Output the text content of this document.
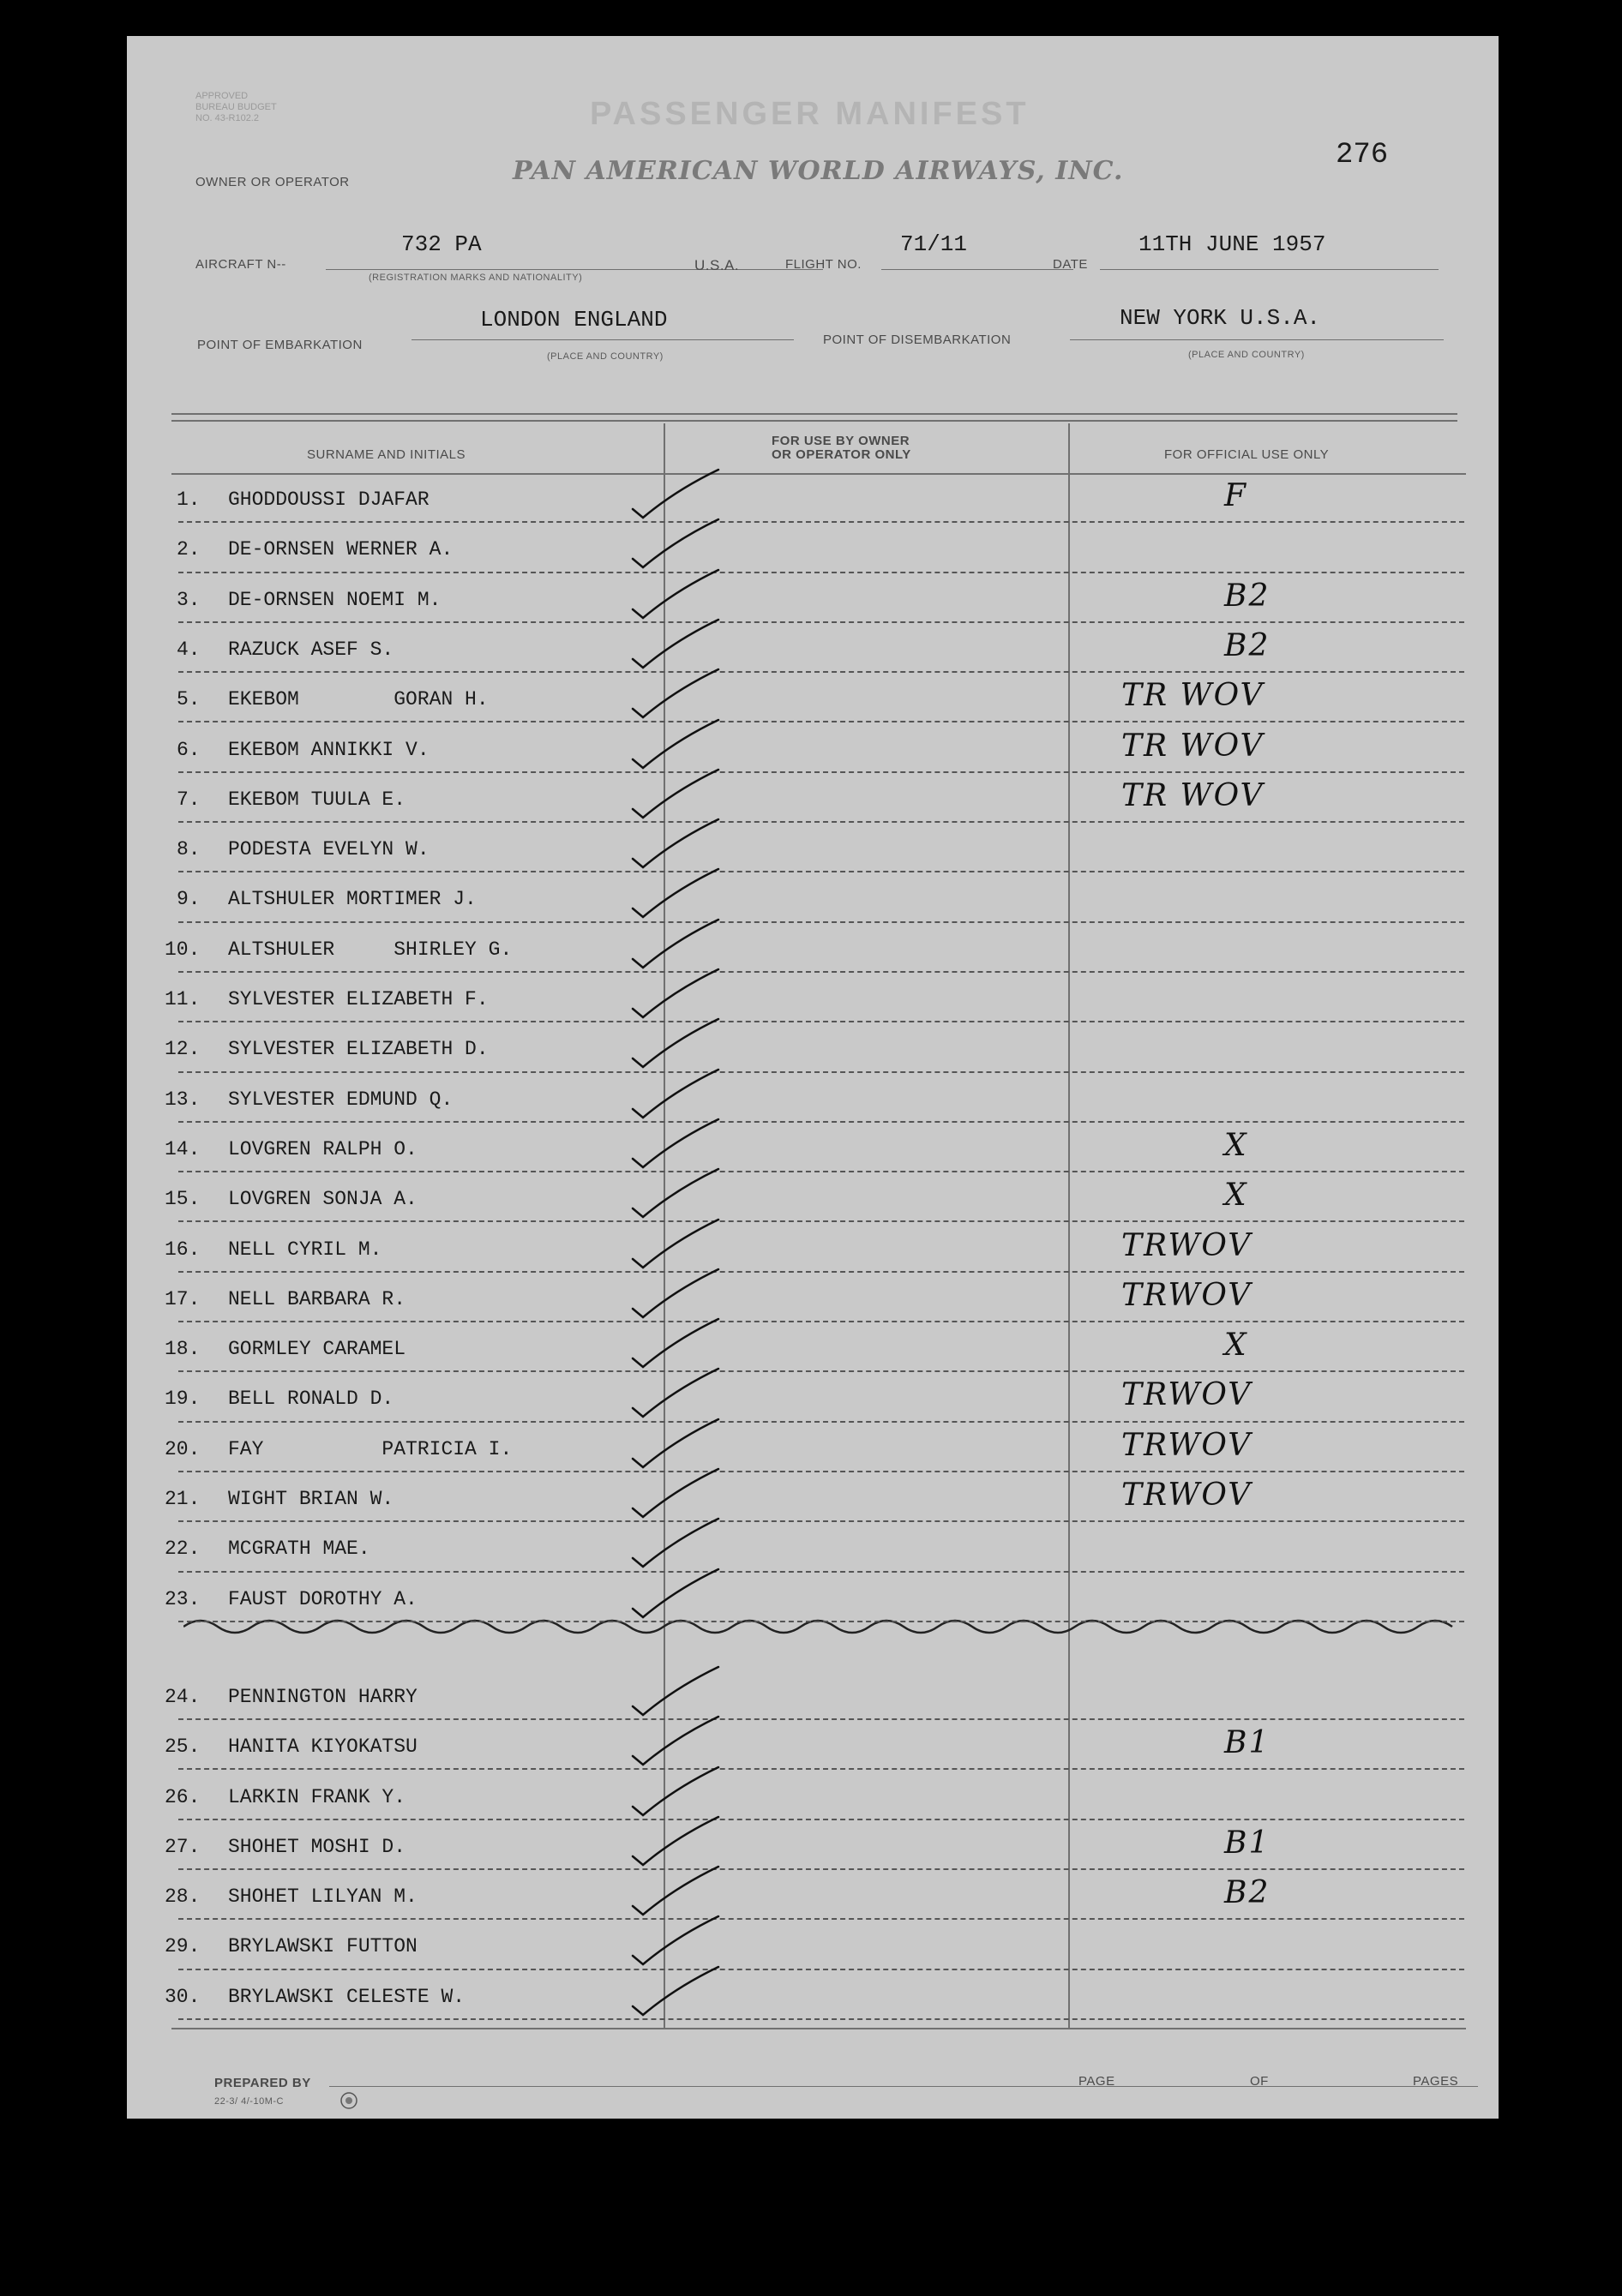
APPROVED
BUREAU BUDGET
NO. 43-R102.2	PASSENGER MANIFEST
276
OWNER OR OPERATOR	PAN AMERICAN WORLD AIRWAYS, INC.
AIRCRAFT N--
732 PA
(REGISTRATION MARKS AND NATIONALITY)
U.S.A.	FLIGHT NO.
71/11
DATE
11TH JUNE 1957
POINT OF EMBARKATION
LONDON ENGLAND
(PLACE AND COUNTRY)
POINT OF DISEMBARKATION
NEW YORK U.S.A.
(PLACE AND COUNTRY)
SURNAME AND INITIALS
FOR USE BY OWNER
OR OPERATOR ONLY	FOR OFFICIAL USE ONLY
1. GHODDOUSSI DJAFAR	F
2. DE-ORNSEN WERNER A.
3. DE-ORNSEN NOEMI M.	B2
4. RAZUCK ASEF S.	B2
5. EKEBOM        GORAN H.	TR WOV
6. EKEBOM ANNIKKI V.	TR WOV
7. EKEBOM TUULA E.	TR WOV
8. PODESTA EVELYN W.
9. ALTSHULER MORTIMER J.
10. ALTSHULER     SHIRLEY G.
11. SYLVESTER ELIZABETH F.
12. SYLVESTER ELIZABETH D.
13. SYLVESTER EDMUND Q.
14. LOVGREN RALPH O.	X
15. LOVGREN SONJA A.	X
16. NELL CYRIL M.	TRWOV
17. NELL BARBARA R.	TRWOV
18. GORMLEY CARAMEL	X
19. BELL RONALD D.	TRWOV
20. FAY          PATRICIA I.	TRWOV
21. WIGHT BRIAN W.	TRWOV
22. MCGRATH MAE.
23. FAUST DOROTHY A.
24. PENNINGTON HARRY
25. HANITA KIYOKATSU	B1
26. LARKIN FRANK Y.
27. SHOHET MOSHI D.	B1
28. SHOHET LILYAN M.	B2
29. BRYLAWSKI FUTTON
30. BRYLAWSKI CELESTE W.
PREPARED BY	PAGE	OF	PAGES
22-3/ 4/-10M-C
